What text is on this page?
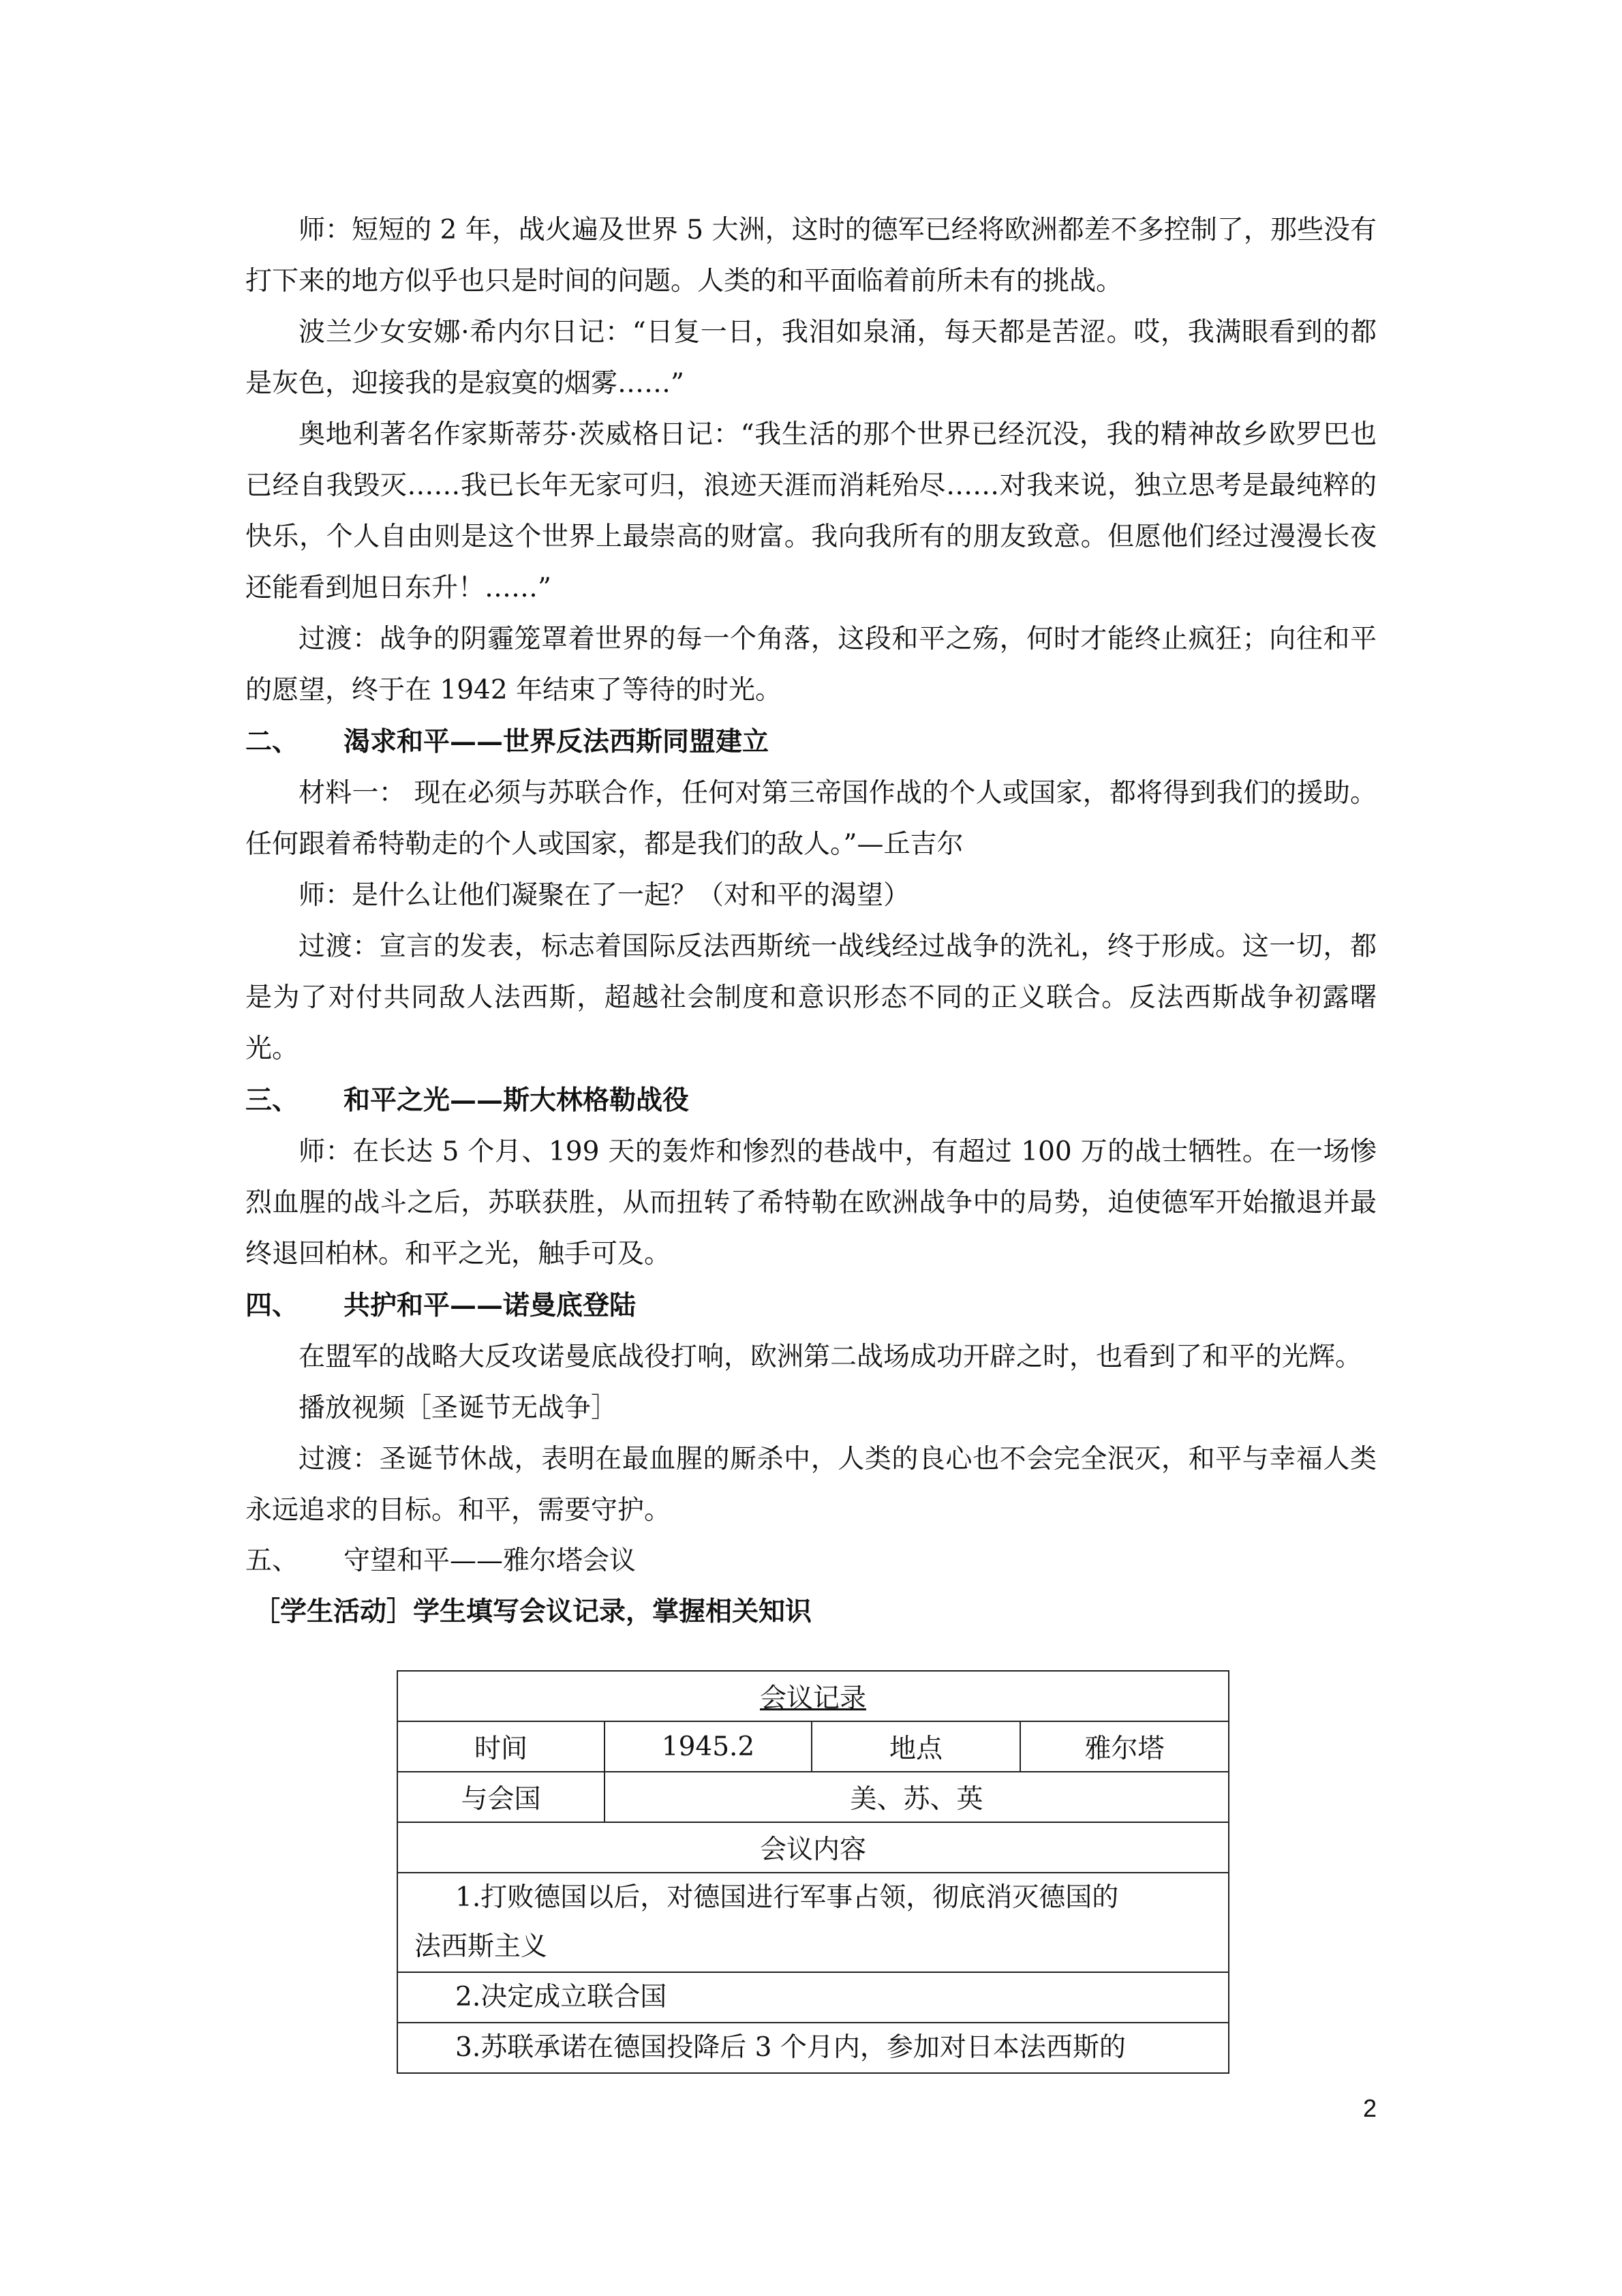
师：短短的 2 年，战火遍及世界 5 大洲，这时的德军已经将欧洲都差不多控制了，那些没有打下来的地方似乎也只是时间的问题。人类的和平面临着前所未有的挑战。

波兰少女安娜·希内尔日记：“日复一日，我泪如泉涌，每天都是苦涩。哎，我满眼看到的都是灰色，迎接我的是寂寞的烟雾……”

奥地利著名作家斯蒂芬·茨威格日记：“我生活的那个世界已经沉没，我的精神故乡欧罗巴也已经自我毁灭……我已长年无家可归，浪迹天涯而消耗殆尽……对我来说，独立思考是最纯粹的快乐，个人自由则是这个世界上最崇高的财富。我向我所有的朋友致意。但愿他们经过漫漫长夜还能看到旭日东升！……”

过渡：战争的阴霾笼罩着世界的每一个角落，这段和平之殇，何时才能终止疯狂；向往和平的愿望，终于在 1942 年结束了等待的时光。

二、	渴求和平——世界反法西斯同盟建立

材料一： 现在必须与苏联合作，任何对第三帝国作战的个人或国家，都将得到我们的援助。任何跟着希特勒走的个人或国家，都是我们的敌人。”—丘吉尔

师：是什么让他们凝聚在了一起？（对和平的渴望）

过渡：宣言的发表，标志着国际反法西斯统一战线经过战争的洗礼，终于形成。这一切，都是为了对付共同敌人法西斯，超越社会制度和意识形态不同的正义联合。反法西斯战争初露曙光。

三、	和平之光——斯大林格勒战役

师：在长达 5 个月、199 天的轰炸和惨烈的巷战中，有超过 100 万的战士牺牲。在一场惨烈血腥的战斗之后，苏联获胜，从而扭转了希特勒在欧洲战争中的局势，迫使德军开始撤退并最终退回柏林。和平之光，触手可及。

四、	共护和平——诺曼底登陆

在盟军的战略大反攻诺曼底战役打响，欧洲第二战场成功开辟之时，也看到了和平的光辉。

播放视频［圣诞节无战争］

过渡：圣诞节休战，表明在最血腥的厮杀中，人类的良心也不会完全泯灭，和平与幸福人类永远追求的目标。和平，需要守护。

五、	守望和平——雅尔塔会议

［学生活动］学生填写会议记录，掌握相关知识

会议记录			
时间	1945.2	地点	雅尔塔
与会国	美、苏、英		
会议内容			

1.打败德国以后，对德国进行军事占领，彻底消灭德国的
法西斯主义			

2.决定成立联合国			

3.苏联承诺在德国投降后 3 个月内，参加对日本法西斯的			
2
